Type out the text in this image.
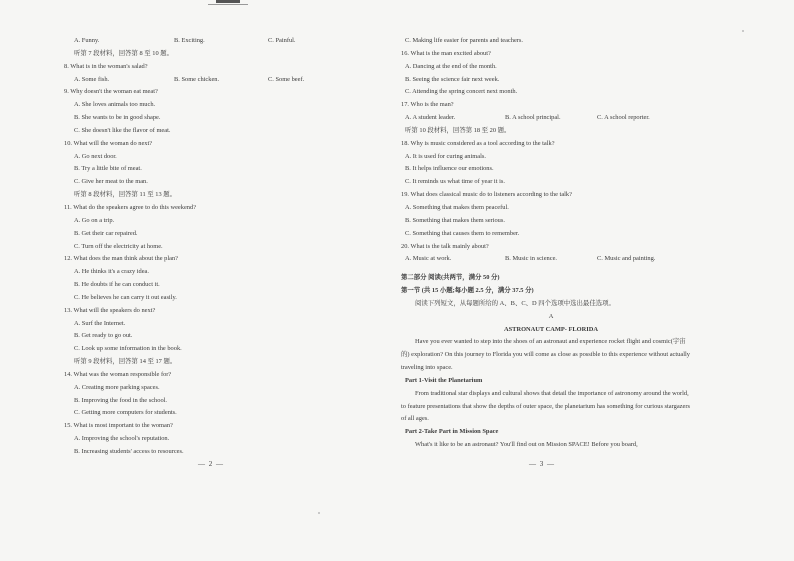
A. Funny.	B. Exciting.	C. Painful.
听第 7 段材料，回答第 8 至 10 题。
8. What is in the woman's salad?
A. Some fish.	B. Some chicken.	C. Some beef.
9. Why doesn't the woman eat meat?
A. She loves animals too much.
B. She wants to be in good shape.
C. She doesn't like the flavor of meat.
10. What will the woman do next?
A. Go next door.
B. Try a little bite of meat.
C. Give her meat to the man.
听第 8 段材料，回答第 11 至 13 题。
11. What do the speakers agree to do this weekend?
A. Go on a trip.
B. Get their car repaired.
C. Turn off the electricity at home.
12. What does the man think about the plan?
A. He thinks it's a crazy idea.
B. He doubts if he can conduct it.
C. He believes he can carry it out easily.
13. What will the speakers do next?
A. Surf the Internet.
B. Get ready to go out.
C. Look up some information in the book.
听第 9 段材料，回答第 14 至 17 题。
14. What was the woman responsible for?
A. Creating more parking spaces.
B. Improving the food in the school.
C. Getting more computers for students.
15. What is most important to the woman?
A. Improving the school's reputation.
B. Increasing students' access to resources.
— 2 —
C. Making life easier for parents and teachers.
16. What is the man excited about?
A. Dancing at the end of the month.
B. Seeing the science fair next week.
C. Attending the spring concert next month.
17. Who is the man?
A. A student leader.	B. A school principal.	C. A school reporter.
听第 10 段材料，回答第 18 至 20 题。
18. Why is music considered as a tool according to the talk?
A. It is used for curing animals.
B. It helps influence our emotions.
C. It reminds us what time of year it is.
19. What does classical music do to listeners according to the talk?
A. Something that makes them peaceful.
B. Something that makes them serious.
C. Something that causes them to remember.
20. What is the talk mainly about?
A. Music at work.	B. Music in science.	C. Music and painting.
第二部分 阅读(共两节，满分 50 分)
第一节 (共 15 小题;每小题 2.5 分，满分 37.5 分)
阅读下列短文，从每题所给的 A、B、C、D 四个选项中选出最佳选项。
A
ASTRONAUT CAMP- FLORIDA
Have you ever wanted to step into the shoes of an astronaut and experience rocket flight and cosmic(宇宙的) exploration? On this journey to Florida you will come as close as possible to this experience without actually traveling into space.
Part 1-Visit the Planetarium
From traditional star displays and cultural shows that detail the importance of astronomy around the world, to feature presentations that show the depths of outer space, the planetarium has something for curious stargazers of all ages.
Part 2-Take Part in Mission Space
What's it like to be an astronaut? You'll find out on Mission SPACE! Before you board,
— 3 —
